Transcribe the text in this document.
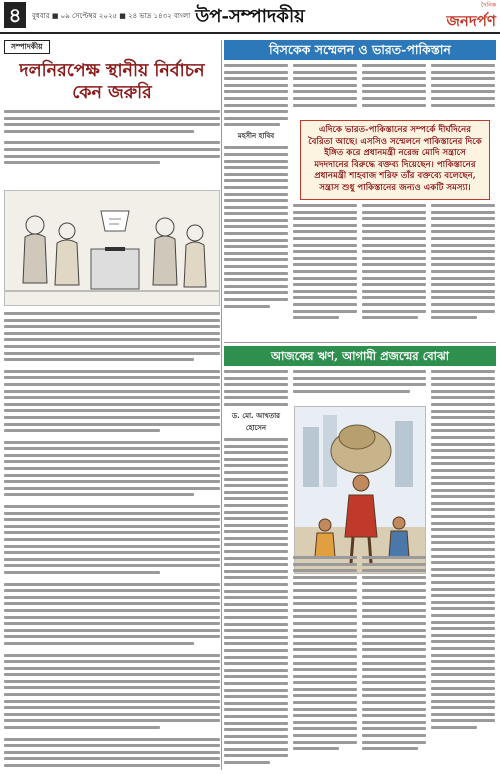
৪	বুধবার ■ ০৯ সেপ্টেম্বর ২০২৫ ■ ২৪ ভাদ্র ১৪৩২ বাংলা উপ-সম্পাদকীয়
দৈনিক
জনদর্পণ
সম্পাদকীয়
দলনিরপেক্ষ স্থানীয় নির্বাচন কেন জরুরি
বিসকেক সম্মেলন ও ভারত-পাকিস্তান
মহসীন হাবিব

এদিকে ভারত-পাকিস্তানের সম্পর্কে দীর্ঘদিনের বৈরিতা আছে। এসসিও সম্মেলনে পাকিস্তানের দিকে ইঙ্গিত করে প্রধানমন্ত্রী নরেন্দ্র মোদি সন্ত্রাসে মদদদানের বিরুদ্ধে বক্তব্য দিয়েছেন। পাকিস্তানের প্রধানমন্ত্রী শাহবাজ শরিফ তাঁর বক্তব্যে বলেছেন, সন্ত্রাস শুধু পাকিস্তানের জন্যও একটি সমস্যা।

আজকের ঋণ, আগামী প্রজন্মের বোঝা
ড. মো. আখতার হোসেন
